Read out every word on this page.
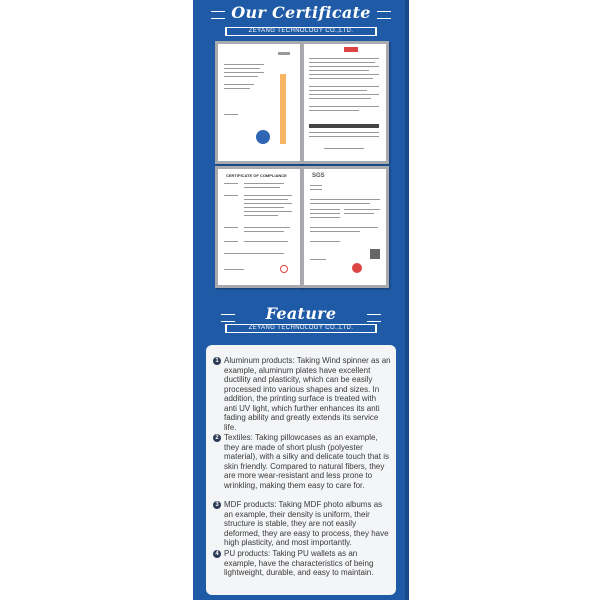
Our Certificate
ZEYANG TECHNOLOGY CO.,LTD.
CERTIFICATE OF COMPLIANCE	SGS
Feature
ZEYANG TECHNOLOGY CO.,LTD.
1 Aluminum products: Taking Wind spinner as an example, aluminum plates have excellent ductility and plasticity, which can be easily processed into various shapes and sizes. In addition, the printing surface is treated with anti UV light, which further enhances its anti fading ability and greatly extends its service life.
2 Textiles: Taking pillowcases as an example, they are made of short plush (polyester material), with a silky and delicate touch that is skin friendly. Compared to natural fibers, they are more wear-resistant and less prone to wrinkling, making them easy to care for.
3 MDF products: Taking MDF photo albums as an example, their density is uniform, their structure is stable, they are not easily deformed, they are easy to process, they have high plasticity, and most importantly.
4 PU products: Taking PU wallets as an example, have the characteristics of being lightweight, durable, and easy to maintain.
